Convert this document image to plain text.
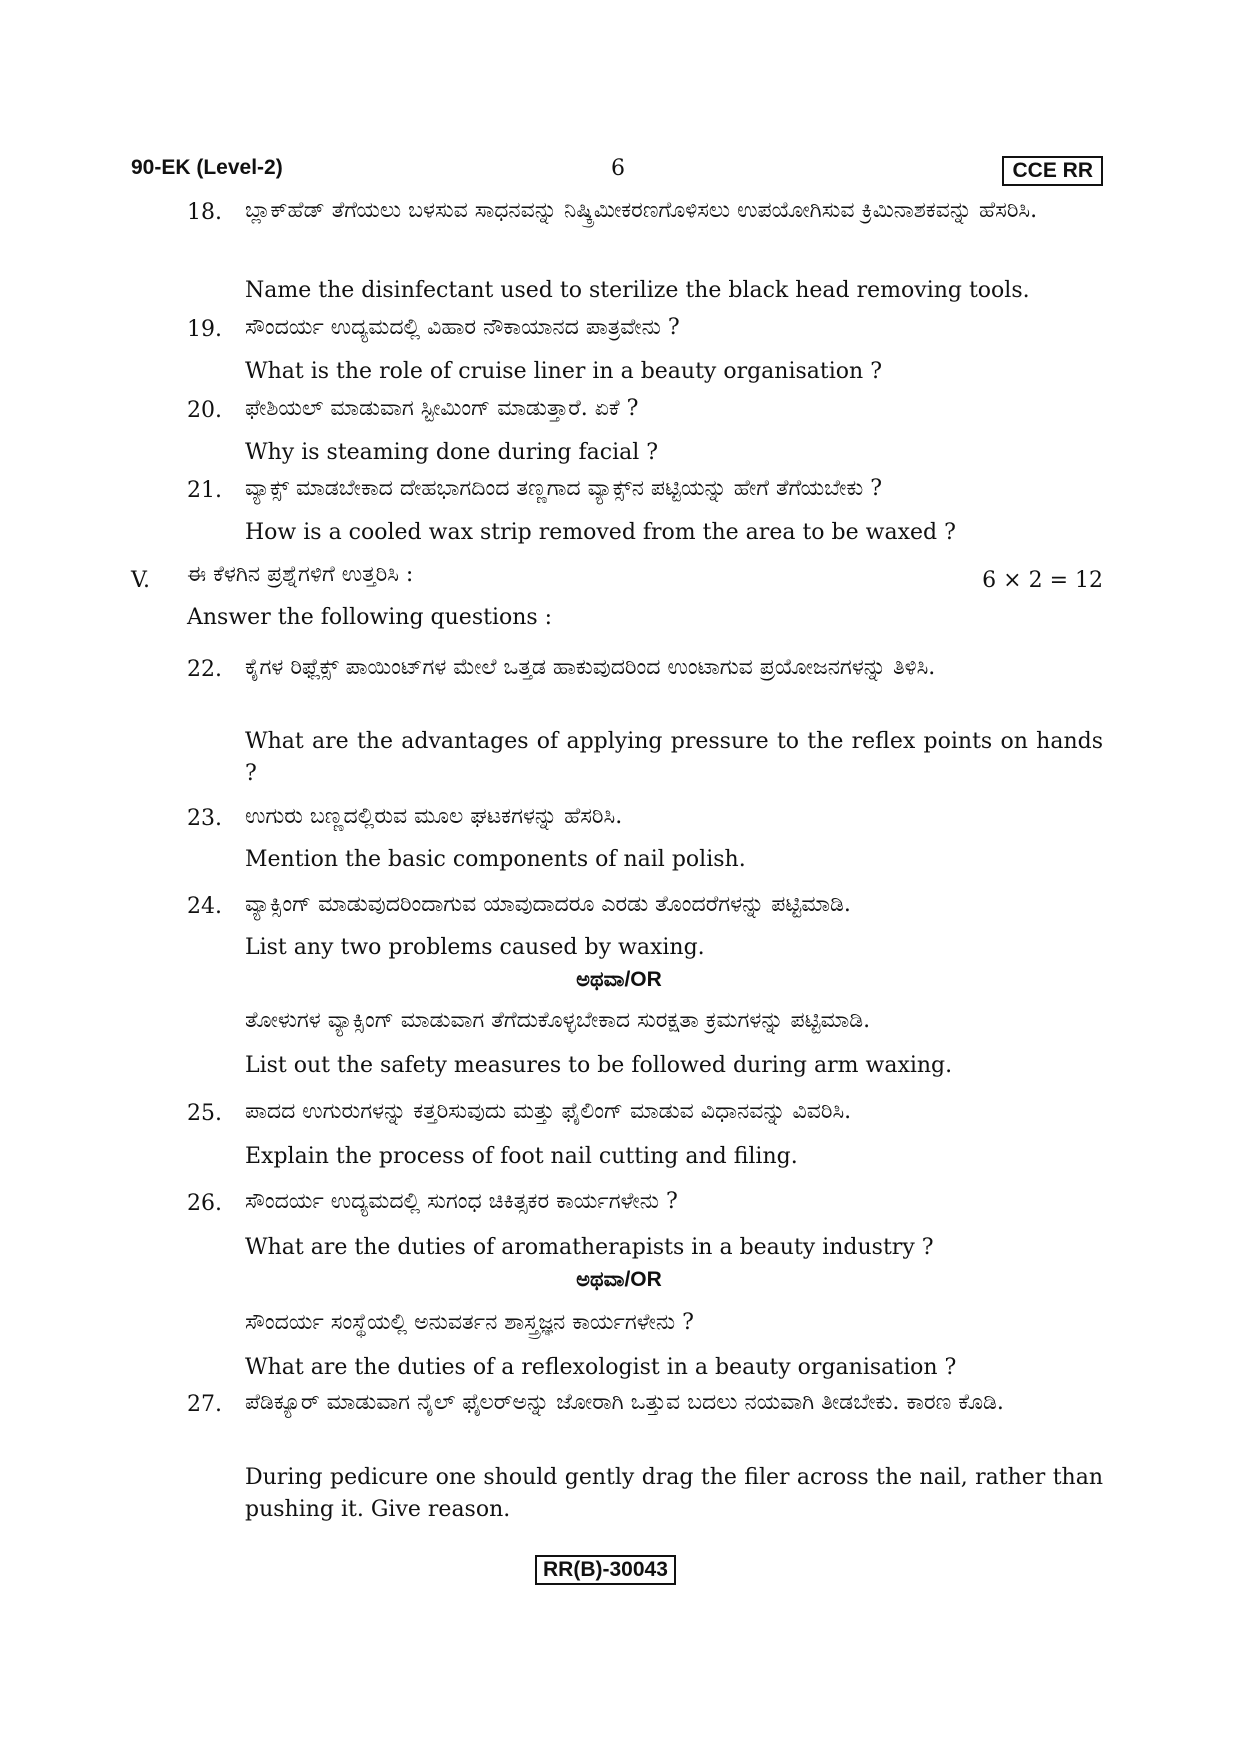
90-EK (Level-2)	6	CCE RR
18. ಬ್ಲಾಕ್‌ಹೆಡ್ ತೆಗೆಯಲು ಬಳಸುವ ಸಾಧನವನ್ನು ನಿಷ್ಕ್ರಿಮೀಕರಣಗೊಳಿಸಲು ಉಪಯೋಗಿಸುವ ಕ್ರಿಮಿನಾಶಕವನ್ನು ಹೆಸರಿಸಿ.
Name the disinfectant used to sterilize the black head removing tools.
19. ಸೌಂದರ್ಯ ಉದ್ಯಮದಲ್ಲಿ ವಿಹಾರ ನೌಕಾಯಾನದ ಪಾತ್ರವೇನು ?
What is the role of cruise liner in a beauty organisation ?
20. ಫೇಶಿಯಲ್ ಮಾಡುವಾಗ ಸ್ಟೀಮಿಂಗ್ ಮಾಡುತ್ತಾರೆ. ಏಕೆ ?
Why is steaming done during facial ?
21. ವ್ಯಾಕ್ಸ್ ಮಾಡಬೇಕಾದ ದೇಹಭಾಗದಿಂದ ತಣ್ಣಗಾದ ವ್ಯಾಕ್ಸ್‌ನ ಪಟ್ಟಿಯನ್ನು ಹೇಗೆ ತೆಗೆಯಬೇಕು ?
How is a cooled wax strip removed from the area to be waxed ?
V. ಈ ಕೆಳಗಿನ ಪ್ರಶ್ನೆಗಳಿಗೆ ಉತ್ತರಿಸಿ :	6 × 2 = 12
Answer the following questions :
22. ಕೈಗಳ ರಿಫ್ಲೆಕ್ಸ್ ಪಾಯಿಂಟ್‌ಗಳ ಮೇಲೆ ಒತ್ತಡ ಹಾಕುವುದರಿಂದ ಉಂಟಾಗುವ ಪ್ರಯೋಜನಗಳನ್ನು ತಿಳಿಸಿ.
What are the advantages of applying pressure to the reflex points on hands ?
23. ಉಗುರು ಬಣ್ಣದಲ್ಲಿರುವ ಮೂಲ ಘಟಕಗಳನ್ನು ಹೆಸರಿಸಿ.
Mention the basic components of nail polish.
24. ವ್ಯಾಕ್ಸಿಂಗ್ ಮಾಡುವುದರಿಂದಾಗುವ ಯಾವುದಾದರೂ ಎರಡು ತೊಂದರೆಗಳನ್ನು ಪಟ್ಟಿಮಾಡಿ.
List any two problems caused by waxing.
ಅಥವಾ/OR
ತೋಳುಗಳ ವ್ಯಾಕ್ಸಿಂಗ್ ಮಾಡುವಾಗ ತೆಗೆದುಕೊಳ್ಳಬೇಕಾದ ಸುರಕ್ಷತಾ ಕ್ರಮಗಳನ್ನು ಪಟ್ಟಿಮಾಡಿ.
List out the safety measures to be followed during arm waxing.
25. ಪಾದದ ಉಗುರುಗಳನ್ನು ಕತ್ತರಿಸುವುದು ಮತ್ತು ಫೈಲಿಂಗ್ ಮಾಡುವ ವಿಧಾನವನ್ನು ವಿವರಿಸಿ.
Explain the process of foot nail cutting and filing.
26. ಸೌಂದರ್ಯ ಉದ್ಯಮದಲ್ಲಿ ಸುಗಂಧ ಚಿಕಿತ್ಸಕರ ಕಾರ್ಯಗಳೇನು ?
What are the duties of aromatherapists in a beauty industry ?
ಅಥವಾ/OR
ಸೌಂದರ್ಯ ಸಂಸ್ಥೆಯಲ್ಲಿ ಅನುವರ್ತನ ಶಾಸ್ತ್ರಜ್ಞನ ಕಾರ್ಯಗಳೇನು ?
What are the duties of a reflexologist in a beauty organisation ?
27. ಪೆಡಿಕ್ಯೂರ್ ಮಾಡುವಾಗ ನೈಲ್ ಫೈಲರ್‌ಅನ್ನು ಜೋರಾಗಿ ಒತ್ತುವ ಬದಲು ನಯವಾಗಿ ತೀಡಬೇಕು. ಕಾರಣ ಕೊಡಿ.
During pedicure one should gently drag the filer across the nail, rather than pushing it. Give reason.
RR(B)-30043
